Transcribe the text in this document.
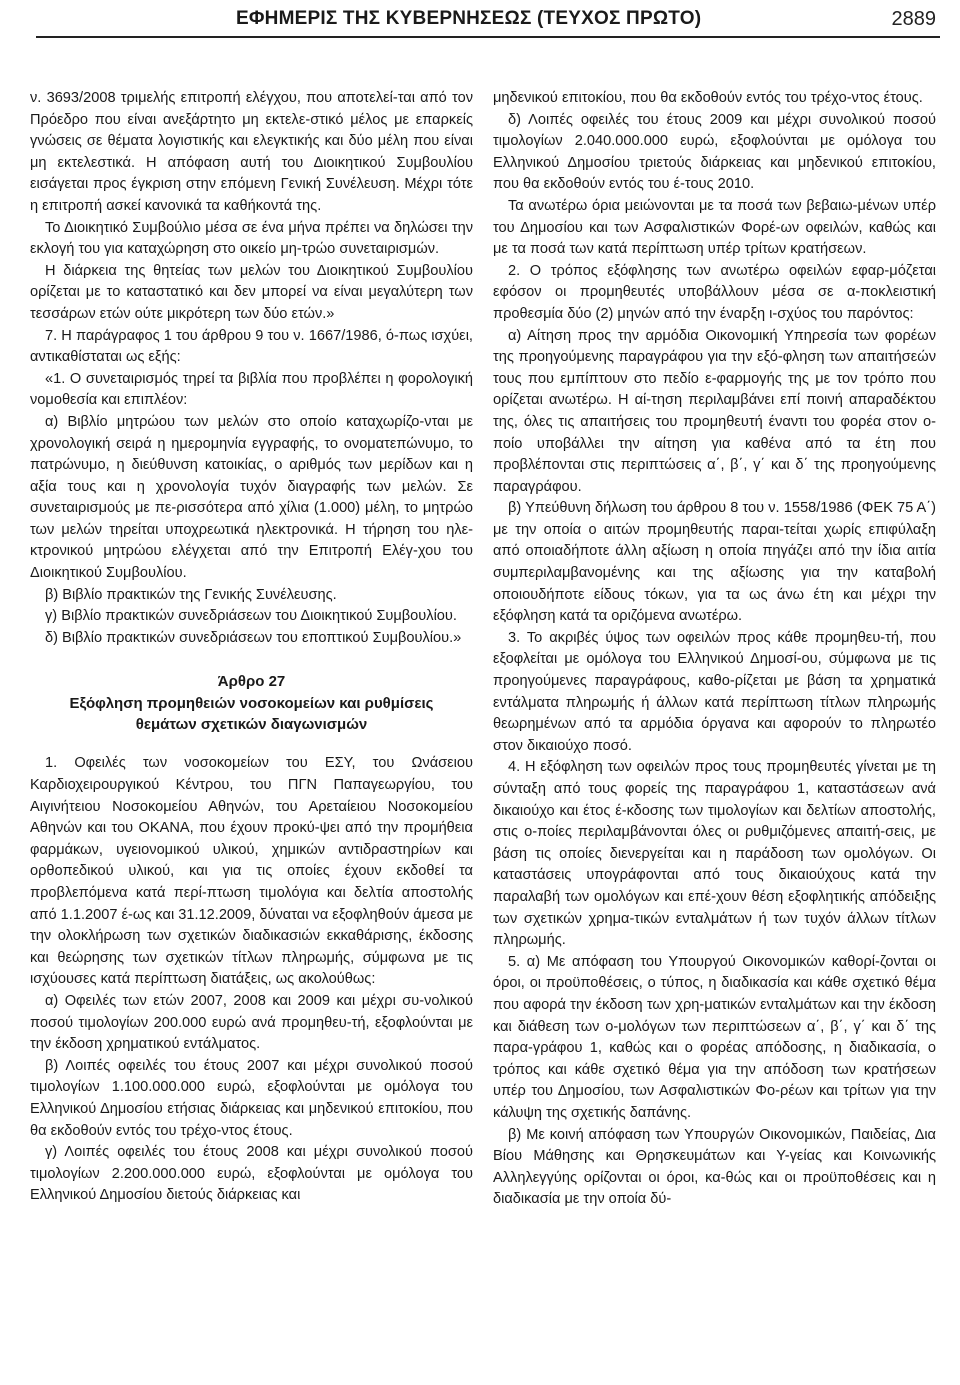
ΕΦΗΜΕΡΙΣ ΤΗΣ ΚΥΒΕΡΝΗΣΕΩΣ (ΤΕΥΧΟΣ ΠΡΩΤΟ)	2889

ν. 3693/2008 τριμελής επιτροπή ελέγχου, που αποτελεί-ται από τον Πρόεδρο που είναι ανεξάρτητο μη εκτελε-στικό μέλος με επαρκείς γνώσεις σε θέματα λογιστικής και ελεγκτικής και δύο μέλη που είναι μη εκτελεστικά. Η απόφαση αυτή του Διοικητικού Συμβουλίου εισάγεται προς έγκριση στην επόμενη Γενική Συνέλευση. Μέχρι τότε η επιτροπή ασκεί κανονικά τα καθήκοντά της.

Το Διοικητικό Συμβούλιο μέσα σε ένα μήνα πρέπει να δηλώσει την εκλογή του για καταχώρηση στο οικείο μη-τρώο συνεταιρισμών.

Η διάρκεια της θητείας των μελών του Διοικητικού Συμβουλίου ορίζεται με το καταστατικό και δεν μπορεί να είναι μεγαλύτερη των τεσσάρων ετών ούτε μικρότερη των δύο ετών.»

7. Η παράγραφος 1 του άρθρου 9 του ν. 1667/1986, ό-πως ισχύει, αντικαθίσταται ως εξής:

«1. Ο συνεταιρισμός τηρεί τα βιβλία που προβλέπει η φορολογική νομοθεσία και επιπλέον:

α) Βιβλίο μητρώου των μελών στο οποίο καταχωρίζο-νται με χρονολογική σειρά η ημερομηνία εγγραφής, το ονοματεπώνυμο, το πατρώνυμο, η διεύθυνση κατοικίας, ο αριθμός των μερίδων και η αξία τους και η χρονολογία τυχόν διαγραφής των μελών. Σε συνεταιρισμούς με πε-ρισσότερα από χίλια (1.000) μέλη, το μητρώο των μελών τηρείται υποχρεωτικά ηλεκτρονικά. Η τήρηση του ηλε-κτρονικού μητρώου ελέγχεται από την Επιτροπή Ελέγ-χου του Διοικητικού Συμβουλίου.

β) Βιβλίο πρακτικών της Γενικής Συνέλευσης.

γ) Βιβλίο πρακτικών συνεδριάσεων του Διοικητικού Συμβουλίου.

δ) Βιβλίο πρακτικών συνεδριάσεων του εποπτικού Συμβουλίου.»

Άρθρο 27
Εξόφληση προμηθειών νοσοκομείων και ρυθμίσεις
θεμάτων σχετικών διαγωνισμών

1. Οφειλές των νοσοκομείων του ΕΣΥ, του Ωνάσειου Καρδιοχειρουργικού Κέντρου, του ΠΓΝ Παπαγεωργίου, του Αιγινήτειου Νοσοκομείου Αθηνών, του Αρεταίειου Νοσοκομείου Αθηνών και του ΟΚΑΝΑ, που έχουν προκύ-ψει από την προμήθεια φαρμάκων, υγειονομικού υλικού, χημικών αντιδραστηρίων και ορθοπεδικού υλικού, και για τις οποίες έχουν εκδοθεί τα προβλεπόμενα κατά περί-πτωση τιμολόγια και δελτία αποστολής από 1.1.2007 έ-ως και 31.12.2009, δύναται να εξοφληθούν άμεσα με την ολοκλήρωση των σχετικών διαδικασιών εκκαθάρισης, έκδοσης και θεώρησης των σχετικών τίτλων πληρωμής, σύμφωνα με τις ισχύουσες κατά περίπτωση διατάξεις, ως ακολούθως:

α) Οφειλές των ετών 2007, 2008 και 2009 και μέχρι συ-νολικού ποσού τιμολογίων 200.000 ευρώ ανά προμηθευ-τή, εξοφλούνται με την έκδοση χρηματικού εντάλματος.

β) Λοιπές οφειλές του έτους 2007 και μέχρι συνολικού ποσού τιμολογίων 1.100.000.000 ευρώ, εξοφλούνται με ομόλογα του Ελληνικού Δημοσίου ετήσιας διάρκειας και μηδενικού επιτοκίου, που θα εκδοθούν εντός του τρέχο-ντος έτους.

γ) Λοιπές οφειλές του έτους 2008 και μέχρι συνολικού ποσού τιμολογίων 2.200.000.000 ευρώ, εξοφλούνται με ομόλογα του Ελληνικού Δημοσίου διετούς διάρκειας και

μηδενικού επιτοκίου, που θα εκδοθούν εντός του τρέχο-ντος έτους.

δ) Λοιπές οφειλές του έτους 2009 και μέχρι συνολικού ποσού τιμολογίων 2.040.000.000 ευρώ, εξοφλούνται με ομόλογα του Ελληνικού Δημοσίου τριετούς διάρκειας και μηδενικού επιτοκίου, που θα εκδοθούν εντός του έ-τους 2010.

Τα ανωτέρω όρια μειώνονται με τα ποσά των βεβαιω-μένων υπέρ του Δημοσίου και των Ασφαλιστικών Φορέ-ων οφειλών, καθώς και με τα ποσά των κατά περίπτωση υπέρ τρίτων κρατήσεων.

2. Ο τρόπος εξόφλησης των ανωτέρω οφειλών εφαρ-μόζεται εφόσον οι προμηθευτές υποβάλλουν μέσα σε α-ποκλειστική προθεσμία δύο (2) μηνών από την έναρξη ι-σχύος του παρόντος:

α) Αίτηση προς την αρμόδια Οικονομική Υπηρεσία των φορέων της προηγούμενης παραγράφου για την εξό-φληση των απαιτήσεών τους που εμπίπτουν στο πεδίο ε-φαρμογής της με τον τρόπο που ορίζεται ανωτέρω. Η αί-τηση περιλαμβάνει επί ποινή απαραδέκτου της, όλες τις απαιτήσεις του προμηθευτή έναντι του φορέα στον ο-ποίο υποβάλλει την αίτηση για καθένα από τα έτη που προβλέπονται στις περιπτώσεις α΄, β΄, γ΄ και δ΄ της προηγούμενης παραγράφου.

β) Υπεύθυνη δήλωση του άρθρου 8 του ν. 1558/1986 (ΦΕΚ 75 Α΄) με την οποία ο αιτών προμηθευτής παραι-τείται χωρίς επιφύλαξη από οποιαδήποτε άλλη αξίωση η οποία πηγάζει από την ίδια αιτία συμπεριλαμβανομένης και της αξίωσης για την καταβολή οποιουδήποτε είδους τόκων, για τα ως άνω έτη και μέχρι την εξόφληση κατά τα οριζόμενα ανωτέρω.

3. Το ακριβές ύψος των οφειλών προς κάθε προμηθευ-τή, που εξοφλείται με ομόλογα του Ελληνικού Δημοσί-ου, σύμφωνα με τις προηγούμενες παραγράφους, καθο-ρίζεται με βάση τα χρηματικά εντάλματα πληρωμής ή άλλων κατά περίπτωση τίτλων πληρωμής θεωρημένων από τα αρμόδια όργανα και αφορούν το πληρωτέο στον δικαιούχο ποσό.

4. Η εξόφληση των οφειλών προς τους προμηθευτές γίνεται με τη σύνταξη από τους φορείς της παραγράφου 1, καταστάσεων ανά δικαιούχο και έτος έ-κδοσης των τιμολογίων και δελτίων αποστολής, στις ο-ποίες περιλαμβάνονται όλες οι ρυθμιζόμενες απαιτή-σεις, με βάση τις οποίες διενεργείται και η παράδοση των ομολόγων. Οι καταστάσεις υπογράφονται από τους δικαιούχους κατά την παραλαβή των ομολόγων και επέ-χουν θέση εξοφλητικής απόδειξης των σχετικών χρημα-τικών ενταλμάτων ή των τυχόν άλλων τίτλων πληρωμής.

5. α) Με απόφαση του Υπουργού Οικονομικών καθορί-ζονται οι όροι, οι προϋποθέσεις, ο τύπος, η διαδικασία και κάθε σχετικό θέμα που αφορά την έκδοση των χρη-ματικών ενταλμάτων και την έκδοση και διάθεση των ο-μολόγων των περιπτώσεων α΄, β΄, γ΄ και δ΄ της παρα-γράφου 1, καθώς και ο φορέας απόδοσης, η διαδικασία, ο τρόπος και κάθε σχετικό θέμα για την απόδοση των κρατήσεων υπέρ του Δημοσίου, των Ασφαλιστικών Φο-ρέων και τρίτων για την κάλυψη της σχετικής δαπάνης.

β) Με κοινή απόφαση των Υπουργών Οικονομικών, Παιδείας, Δια Βίου Μάθησης και Θρησκευμάτων και Υ-γείας και Κοινωνικής Αλληλεγγύης ορίζονται οι όροι, κα-θώς και οι προϋποθέσεις και η διαδικασία με την οποία δύ-
